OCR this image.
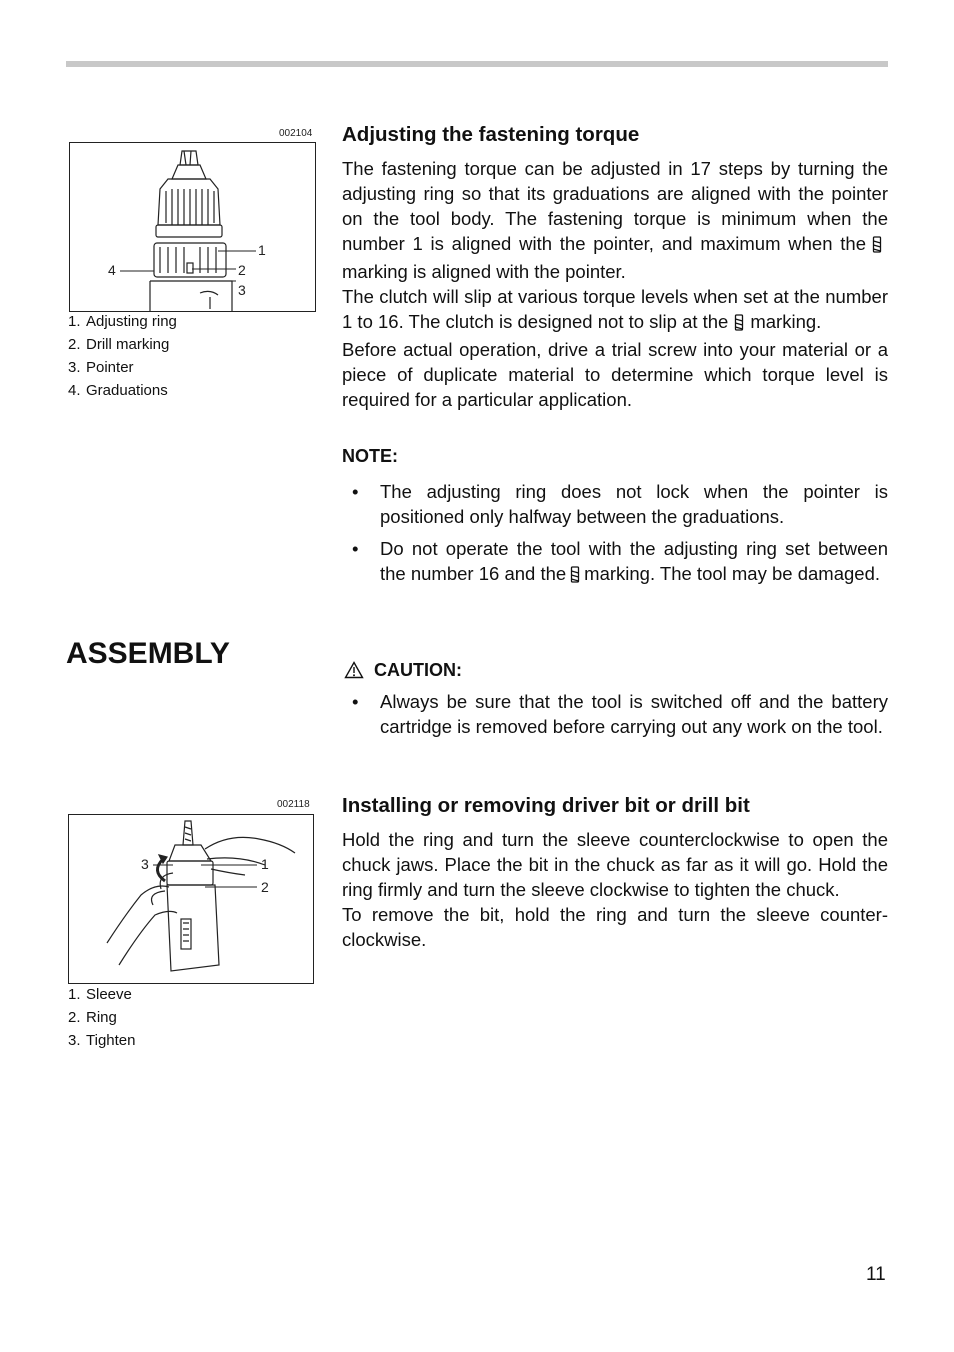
002104
1
2
3
4
1. Adjusting ring
2. Drill marking
3. Pointer
4. Graduations
Adjusting the fastening torque

The fastening torque can be adjusted in 17 steps by turning the adjusting ring so that its graduations are aligned with the pointer on the tool body. The fastening torque is minimum when the number 1 is aligned with the pointer, and maximum when themarking is aligned with the pointer.

The clutch will slip at various torque levels when set at the number 1 to 16. The clutch is designed not to slip at the marking.

Before actual operation, drive a trial screw into your material or a piece of duplicate material to determine which torque level is required for a particular application.

NOTE:
• The adjusting ring does not lock when the pointer is positioned only halfway between the graduations.
• Do not operate the tool with the adjusting ring set between the number 16 and the marking. The tool may be damaged.
ASSEMBLY	CAUTION:
• Always be sure that the tool is switched off and the battery cartridge is removed before carrying out any work on the tool.
002118
1
2
3
1. Sleeve
2. Ring
3. Tighten
Installing or removing driver bit or drill bit

Hold the ring and turn the sleeve counterclockwise to open the chuck jaws. Place the bit in the chuck as far as it will go. Hold the ring firmly and turn the sleeve clockwise to tighten the chuck.

To remove the bit, hold the ring and turn the sleeve counter-clockwise.

11
